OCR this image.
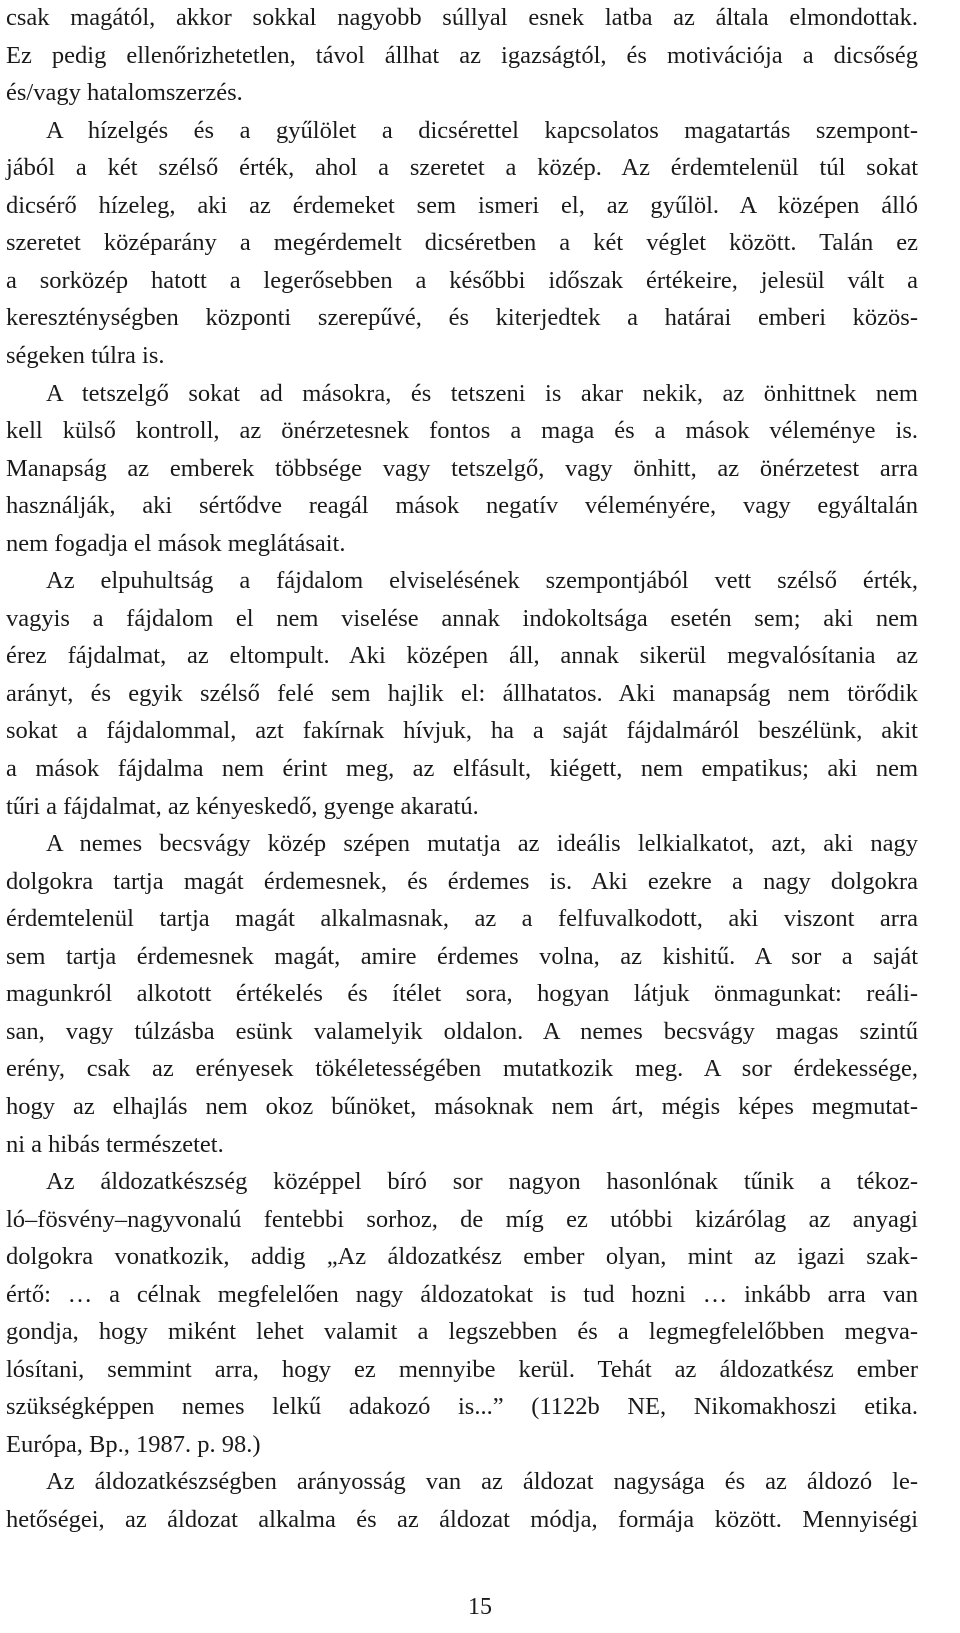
csak magától, akkor sokkal nagyobb súllyal esnek latba az általa elmondottak.
Ez pedig ellenőrizhetetlen, távol állhat az igazságtól, és motivációja a dicsőség
és/vagy hatalomszerzés.
A hízelgés és a gyűlölet a dicsérettel kapcsolatos magatartás szempont-
jából a két szélső érték, ahol a szeretet a közép. Az érdemtelenül túl sokat
dicsérő hízeleg, aki az érdemeket sem ismeri el, az gyűlöl. A középen álló
szeretet középarány a megérdemelt dicséretben a két véglet között. Talán ez
a sorközép hatott a legerősebben a későbbi időszak értékeire, jelesül vált a
kereszténységben központi szerepűvé, és kiterjedtek a határai emberi közös-
ségeken túlra is.
A tetszelgő sokat ad másokra, és tetszeni is akar nekik, az önhittnek nem
kell külső kontroll, az önérzetesnek fontos a maga és a mások véleménye is.
Manapság az emberek többsége vagy tetszelgő, vagy önhitt, az önérzetest arra
használják, aki sértődve reagál mások negatív véleményére, vagy egyáltalán
nem fogadja el mások meglátásait.
Az elpuhultság a fájdalom elviselésének szempontjából vett szélső érték,
vagyis a fájdalom el nem viselése annak indokoltsága esetén sem; aki nem
érez fájdalmat, az eltompult. Aki középen áll, annak sikerül megvalósítania az
arányt, és egyik szélső felé sem hajlik el: állhatatos. Aki manapság nem törődik
sokat a fájdalommal, azt fakírnak hívjuk, ha a saját fájdalmáról beszélünk, akit
a mások fájdalma nem érint meg, az elfásult, kiégett, nem empatikus; aki nem
tűri a fájdalmat, az kényeskedő, gyenge akaratú.
A nemes becsvágy közép szépen mutatja az ideális lelkialkatot, azt, aki nagy
dolgokra tartja magát érdemesnek, és érdemes is. Aki ezekre a nagy dolgokra
érdemtelenül tartja magát alkalmasnak, az a felfuvalkodott, aki viszont arra
sem tartja érdemesnek magát, amire érdemes volna, az kishitű. A sor a saját
magunkról alkotott értékelés és ítélet sora, hogyan látjuk önmagunkat: reáli-
san, vagy túlzásba esünk valamelyik oldalon. A nemes becsvágy magas szintű
erény, csak az erényesek tökéletességében mutatkozik meg. A sor érdekessége,
hogy az elhajlás nem okoz bűnöket, másoknak nem árt, mégis képes megmutat-
ni a hibás természetet.
Az áldozatkészség középpel bíró sor nagyon hasonlónak tűnik a tékoz-
ló–fösvény–nagyvonalú fentebbi sorhoz, de míg ez utóbbi kizárólag az anyagi
dolgokra vonatkozik, addig „Az áldozatkész ember olyan, mint az igazi szak-
értő: … a célnak megfelelően nagy áldozatokat is tud hozni … inkább arra van
gondja, hogy miként lehet valamit a legszebben és a legmegfelelőbben megva-
lósítani, semmint arra, hogy ez mennyibe kerül. Tehát az áldozatkész ember
szükségképpen nemes lelkű adakozó is...” (1122b NE, Nikomakhoszi etika.
Európa, Bp., 1987. p. 98.)
Az áldozatkészségben arányosság van az áldozat nagysága és az áldozó le-
hetőségei, az áldozat alkalma és az áldozat módja, formája között. Mennyiségi
15
